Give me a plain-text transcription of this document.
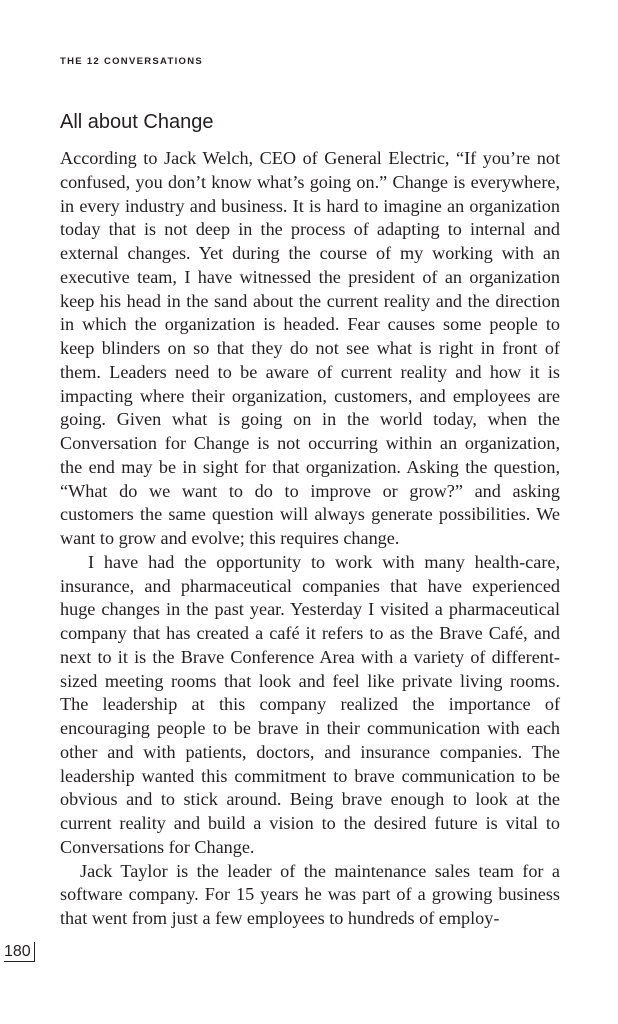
THE 12 CONVERSATIONS
All about Change

According to Jack Welch, CEO of General Electric, “If you’re not confused, you don’t know what’s going on.” Change is everywhere, in every industry and business. It is hard to imagine an organization today that is not deep in the process of adapting to internal and external changes. Yet during the course of my working with an executive team, I have witnessed the president of an organization keep his head in the sand about the current reality and the direction in which the organization is headed. Fear causes some people to keep blinders on so that they do not see what is right in front of them. Leaders need to be aware of current reality and how it is impacting where their organization, customers, and employees are going. Given what is going on in the world today, when the Conversation for Change is not occurring within an organization, the end may be in sight for that organization. Asking the question, “What do we want to do to improve or grow?” and asking customers the same question will always generate possibilities. We want to grow and evolve; this requires change.

I have had the opportunity to work with many health-care, insurance, and pharmaceutical companies that have experienced huge changes in the past year. Yesterday I visited a pharmaceutical company that has created a café it refers to as the Brave Café, and next to it is the Brave Conference Area with a variety of different-sized meeting rooms that look and feel like private living rooms. The leadership at this company realized the importance of encouraging people to be brave in their communication with each other and with patients, doctors, and insurance companies. The leadership wanted this commitment to brave communication to be obvious and to stick around. Being brave enough to look at the current reality and build a vision to the desired future is vital to Conversations for Change.

Jack Taylor is the leader of the maintenance sales team for a software company. For 15 years he was part of a growing business that went from just a few employees to hundreds of employ-

180
